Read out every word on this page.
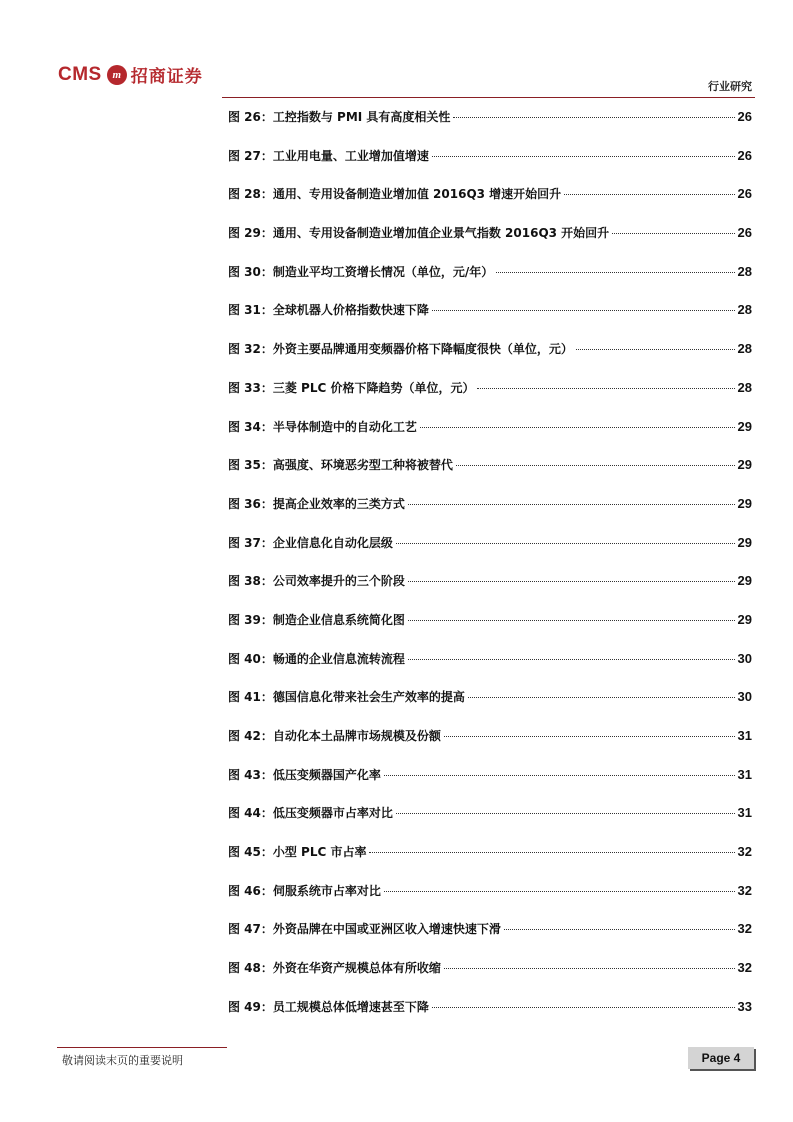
CMS m 招商证券	行业研究
图 26：工控指数与 PMI 具有高度相关性	26
图 27：工业用电量、工业增加值增速	26
图 28：通用、专用设备制造业增加值 2016Q3 增速开始回升	26
图 29：通用、专用设备制造业增加值企业景气指数 2016Q3 开始回升	26
图 30：制造业平均工资增长情况（单位，元/年）	28
图 31：全球机器人价格指数快速下降	28
图 32：外资主要品牌通用变频器价格下降幅度很快（单位，元）	28
图 33：三菱 PLC 价格下降趋势（单位，元）	28
图 34：半导体制造中的自动化工艺	29
图 35：高强度、环境恶劣型工种将被替代	29
图 36：提高企业效率的三类方式	29
图 37：企业信息化自动化层级	29
图 38：公司效率提升的三个阶段	29
图 39：制造企业信息系统简化图	29
图 40：畅通的企业信息流转流程	30
图 41：德国信息化带来社会生产效率的提高	30
图 42：自动化本土品牌市场规模及份额	31
图 43：低压变频器国产化率	31
图 44：低压变频器市占率对比	31
图 45：小型 PLC 市占率	32
图 46：伺服系统市占率对比	32
图 47：外资品牌在中国或亚洲区收入增速快速下滑	32
图 48：外资在华资产规模总体有所收缩	32
图 49：员工规模总体低增速甚至下降	33
敬请阅读末页的重要说明	Page 4
